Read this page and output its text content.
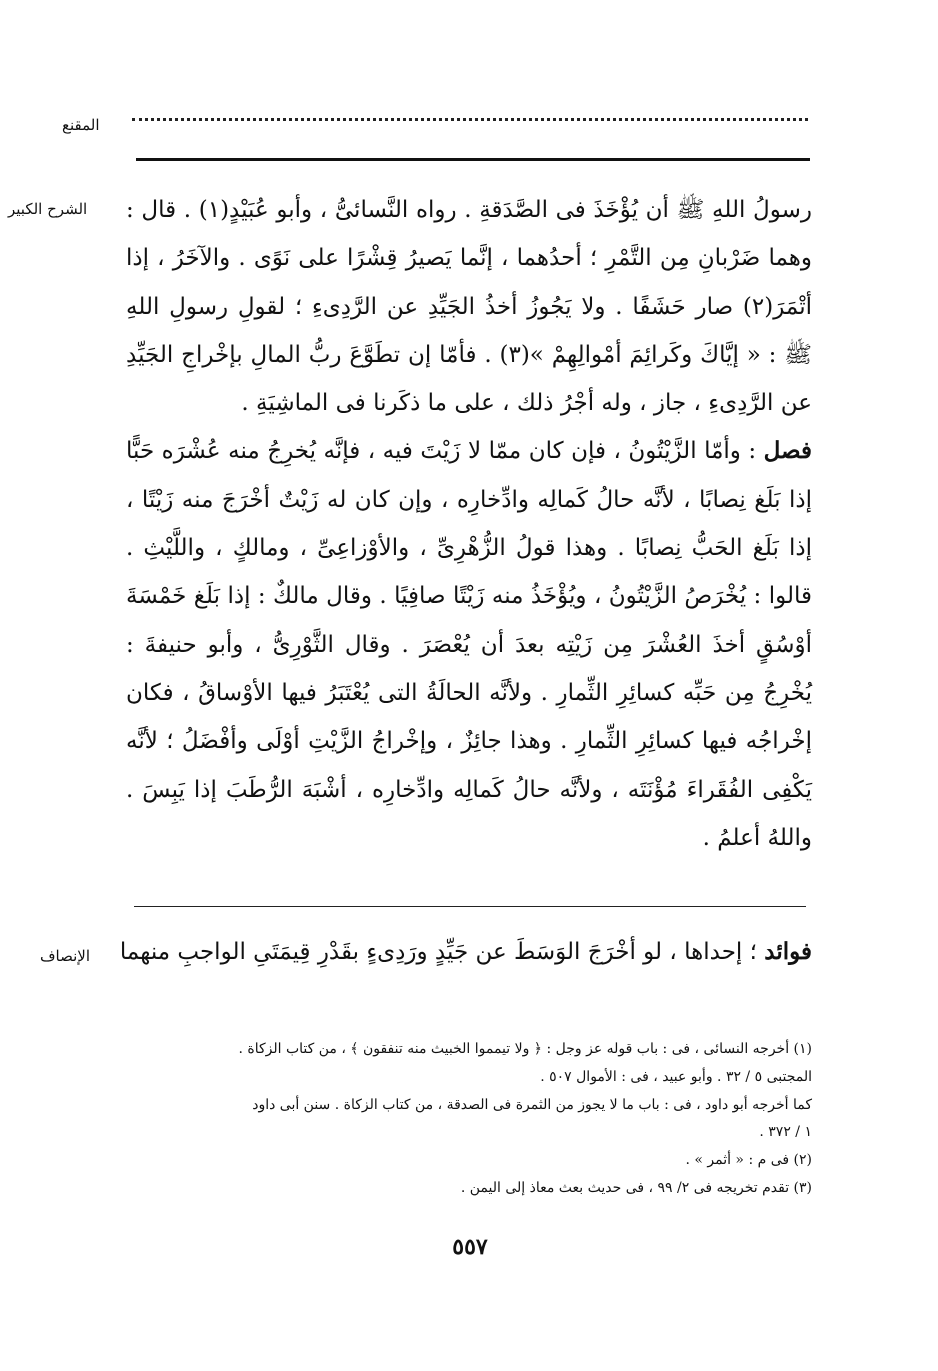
المقنع
الشرح الكبير رسولُ اللهِ ﷺ أن يُؤْخَذَ فى الصَّدَقةِ . رواه النَّسائىُّ ، وأبو عُبَيْدٍ(١) . قال : وهما ضَرْبانِ مِن التَّمْرِ ؛ أحدُهما ، إنَّما يَصيرُ قِشْرًا على نَوًى . والآخَرُ ، إذا أتْمَرَ(٢) صار حَشَفًا . ولا يَجُوزُ أخذُ الجَيِّدِ عن الرَّدِىءِ ؛ لقولِ رسولِ اللهِ ﷺ : « إيَّاكَ وكَرائِمَ أمْوالِهِمْ »(٣) . فأمّا إن تطَوَّعَ ربُّ المالِ بإخْراجِ الجَيِّدِ عن الرَّدِىءِ ، جاز ، وله أجْرُ ذلك ، على ما ذكَرنا فى الماشِيَةِ .

فصل : وأمّا الزَّيْتُونُ ، فإن كان ممّا لا زَيْتَ فيه ، فإنَّه يُخرِجُ منه عُشْرَه حَبًّا إذا بَلَغ نِصابًا ، لأنَّه حالُ كَمالِه وادِّخارِه ، وإن كان له زَيْتٌ أخْرَجَ منه زَيْتًا ، إذا بَلَغ الحَبُّ نِصابًا . وهذا قولُ الزُّهْرِىِّ ، والأوْزاعِىِّ ، ومالكٍ ، واللَّيْثِ . قالوا : يُخْرَصُ الزَّيْتُونُ ، ويُؤْخَذُ منه زَيْتًا صافِيًا . وقال مالكٌ : إذا بَلَغ خَمْسَةَ أوْسُقٍ أخذَ العُشْرَ مِن زَيْتِه بعدَ أن يُعْصَرَ . وقال الثَّوْرِىُّ ، وأبو حنيفةَ : يُخْرِجُ مِن حَبِّه كسائِرِ الثِّمارِ . ولأنَّه الحالَةُ التى يُعْتَبَرُ فيها الأوْساقُ ، فكان إخْراجُه فيها كسائِرِ الثِّمارِ . وهذا جائِزٌ ، وإخْراجُ الزَّيْتِ أوْلَى وأفْضَلُ ؛ لأنَّه يَكْفِى الفُقَراءَ مُؤْنَتَه ، ولأنَّه حالُ كَمالِه وادِّخارِه ، أشْبَهَ الرُّطَبَ إذا يَبِسَ . واللهُ أعلمُ .

الإنصاف	فوائد ؛ إحداها ، لو أخْرَجَ الوَسَطَ عن جَيِّدٍ ورَدِىءٍ بقَدْرِ قِيمَتَىِ الواجبِ منهما
(١) أخرجه النسائى ، فى : باب قوله عز وجل : ﴿ ولا تيمموا الخبيث منه تنفقون ﴾ ، من كتاب الزكاة .
المجتبى ٥ / ٣٢ . وأبو عبيد ، فى : الأموال ٥٠٧ .
كما أخرجه أبو داود ، فى : باب ما لا يجوز من الثمرة فى الصدقة ، من كتاب الزكاة . سنن أبى داود
١ / ٣٧٢ .
(٢) فى م : « أثمر » .
(٣) تقدم تخريجه فى ٢/ ٩٩ ، فى حديث بعث معاذ إلى اليمن .
٥٥٧
